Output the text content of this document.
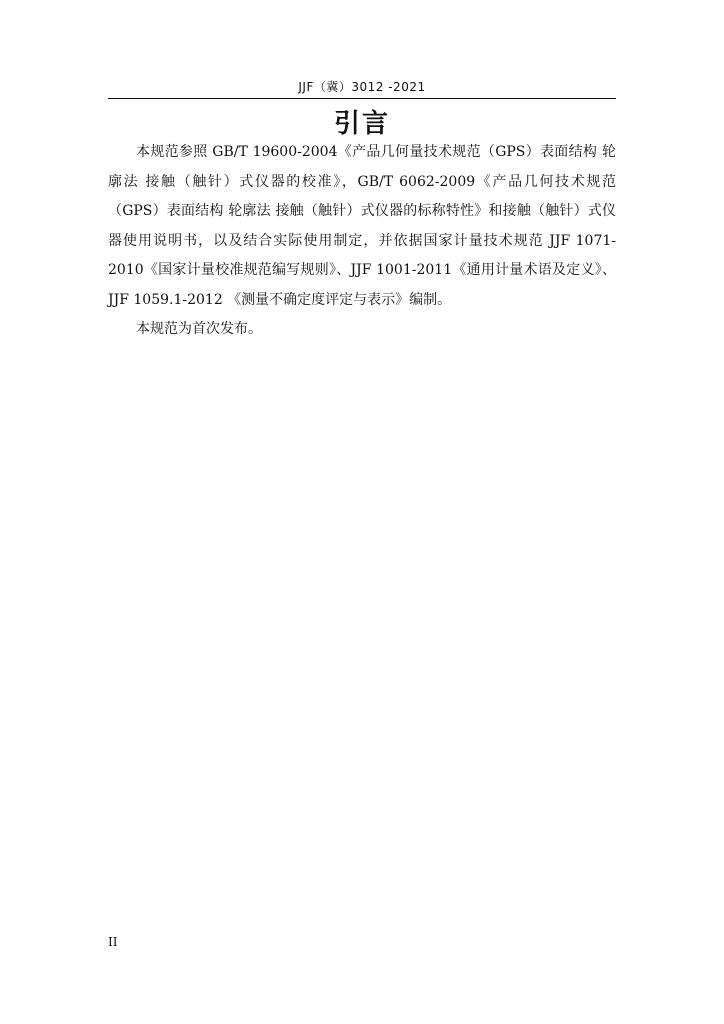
JJF（冀）3012 -2021
引言

本规范参照 GB/T 19600-2004《产品几何量技术规范（GPS）表面结构 轮廓法 接触（触针）式仪器的校准》，GB/T 6062-2009《产品几何技术规范（GPS）表面结构 轮廓法 接触（触针）式仪器的标称特性》和接触（触针）式仪器使用说明书，以及结合实际使用制定，并依据国家计量技术规范 JJF 1071-2010《国家计量校准规范编写规则》、JJF 1001-2011《通用计量术语及定义》、JJF 1059.1-2012 《测量不确定度评定与表示》编制。

本规范为首次发布。

II
